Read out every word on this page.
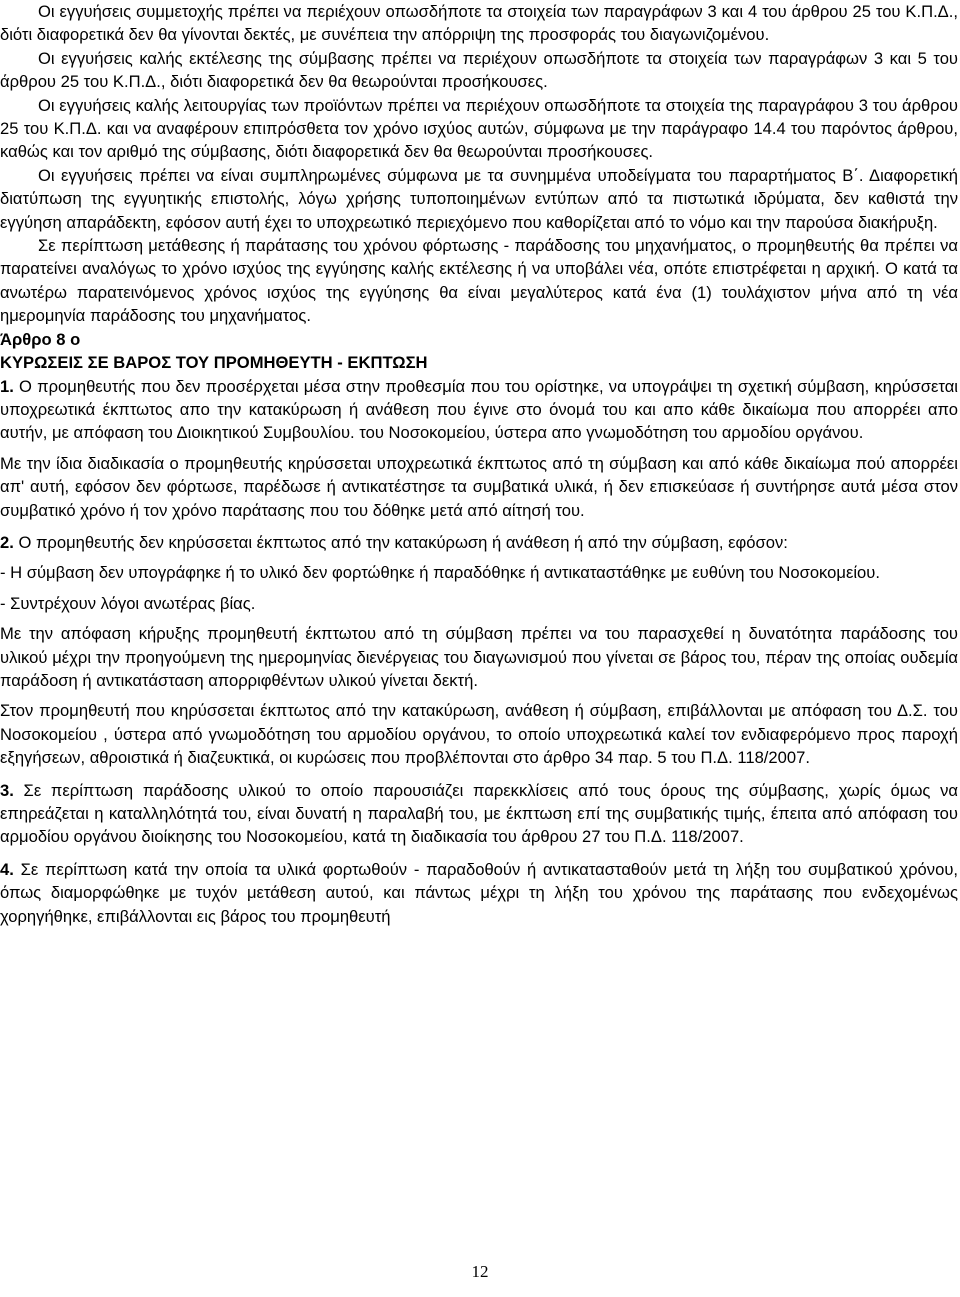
Οι εγγυήσεις συμμετοχής πρέπει να περιέχουν οπωσδήποτε τα στοιχεία των παραγράφων 3 και 4 του άρθρου 25 του Κ.Π.Δ., διότι διαφορετικά δεν θα γίνονται δεκτές, με συνέπεια την απόρριψη της προσφοράς του διαγωνιζομένου.

Οι εγγυήσεις καλής εκτέλεσης της σύμβασης πρέπει να περιέχουν οπωσδήποτε τα στοιχεία των παραγράφων 3 και 5 του άρθρου 25 του Κ.Π.Δ., διότι διαφορετικά δεν θα θεωρούνται προσήκουσες.

Οι εγγυήσεις καλής λειτουργίας των προϊόντων πρέπει να περιέχουν οπωσδήποτε τα στοιχεία της παραγράφου 3 του άρθρου 25 του Κ.Π.Δ. και να αναφέρουν επιπρόσθετα τον χρόνο ισχύος αυτών, σύμφωνα με την παράγραφο 14.4 του παρόντος άρθρου, καθώς και τον αριθμό της σύμβασης, διότι διαφορετικά δεν θα θεωρούνται προσήκουσες.

Οι εγγυήσεις πρέπει να είναι συμπληρωμένες σύμφωνα με τα συνημμένα υποδείγματα του παραρτήματος Β΄. Διαφορετική διατύπωση της εγγυητικής επιστολής, λόγω χρήσης τυποποιημένων εντύπων από τα πιστωτικά ιδρύματα, δεν καθιστά την εγγύηση απαράδεκτη, εφόσον αυτή έχει το υποχρεωτικό περιεχόμενο που καθορίζεται από το νόμο και την παρούσα διακήρυξη.

Σε περίπτωση μετάθεσης ή παράτασης του χρόνου φόρτωσης - παράδοσης του μηχανήματος, ο προμηθευτής θα πρέπει να παρατείνει αναλόγως το χρόνο ισχύος της εγγύησης καλής εκτέλεσης ή να υποβάλει νέα, οπότε επιστρέφεται η αρχική. Ο κατά τα ανωτέρω παρατεινόμενος χρόνος ισχύος της εγγύησης θα είναι μεγαλύτερος κατά ένα (1) τουλάχιστον μήνα από τη νέα ημερομηνία παράδοσης του μηχανήματος.

Άρθρο 8 ο

ΚΥΡΩΣΕΙΣ ΣΕ ΒΑΡΟΣ ΤΟΥ ΠΡΟΜΗΘΕΥΤΗ - ΕΚΠΤΩΣΗ

1. Ο προμηθευτής που δεν προσέρχεται μέσα στην προθεσμία που του ορίστηκε, να υπογράψει τη σχετική σύμβαση, κηρύσσεται υποχρεωτικά έκπτωτος απο την κατακύρωση ή ανάθεση που έγινε στο όνομά του και απο κάθε δικαίωμα που απορρέει απο αυτήν, με απόφαση του Διοικητικού Συμβουλίου. του Νοσοκομείου, ύστερα απο γνωμοδότηση του αρμοδίου οργάνου.

Με την ίδια διαδικασία ο προμηθευτής κηρύσσεται υποχρεωτικά έκπτωτος από τη σύμβαση και από κάθε δικαίωμα πού απορρέει απ' αυτή, εφόσον δεν φόρτωσε, παρέδωσε ή αντικατέστησε τα συμβατικά υλικά, ή δεν επισκεύασε ή συντήρησε αυτά μέσα στον συμβατικό χρόνο ή τον χρόνο παράτασης που του δόθηκε μετά από αίτησή του.

2. Ο προμηθευτής δεν κηρύσσεται έκπτωτος από την κατακύρωση ή ανάθεση ή από την σύμβαση, εφόσον:

- Η σύμβαση δεν υπογράφηκε ή το υλικό δεν φορτώθηκε ή παραδόθηκε ή αντικαταστάθηκε με ευθύνη του Νοσοκομείου.

- Συντρέχουν λόγοι ανωτέρας βίας.

Με την απόφαση κήρυξης προμηθευτή έκπτωτου από τη σύμβαση πρέπει να του παρασχεθεί η δυνατότητα παράδοσης του υλικού μέχρι την προηγούμενη της ημερομηνίας διενέργειας του διαγωνισμού που γίνεται σε βάρος του, πέραν της οποίας ουδεμία παράδοση ή αντικατάσταση απορριφθέντων υλικού γίνεται δεκτή.

Στον προμηθευτή που κηρύσσεται έκπτωτος από την κατακύρωση, ανάθεση ή σύμβαση, επιβάλλονται με απόφαση του Δ.Σ. του Νοσοκομείου , ύστερα από γνωμοδότηση του αρμοδίου οργάνου, το οποίο υποχρεωτικά καλεί τον ενδιαφερόμενο προς παροχή εξηγήσεων, αθροιστικά ή διαζευκτικά, οι κυρώσεις που προβλέπονται στο άρθρο 34 παρ. 5 του Π.Δ. 118/2007.

3. Σε περίπτωση παράδοσης υλικού το οποίο παρουσιάζει παρεκκλίσεις από τους όρους της σύμβασης, χωρίς όμως να επηρεάζεται η καταλληλότητά του, είναι δυνατή η παραλαβή του, με έκπτωση επί της συμβατικής τιμής, έπειτα από απόφαση του αρμοδίου οργάνου διοίκησης του Νοσοκομείου, κατά τη διαδικασία του άρθρου 27 του Π.Δ. 118/2007.

4. Σε περίπτωση κατά την οποία τα υλικά φορτωθούν - παραδοθούν ή αντικατασταθούν μετά τη λήξη του συμβατικού χρόνου, όπως διαμορφώθηκε με τυχόν μετάθεση αυτού, και πάντως μέχρι τη λήξη του χρόνου της παράτασης που ενδεχομένως χορηγήθηκε, επιβάλλονται εις βάρος του προμηθευτή

12
